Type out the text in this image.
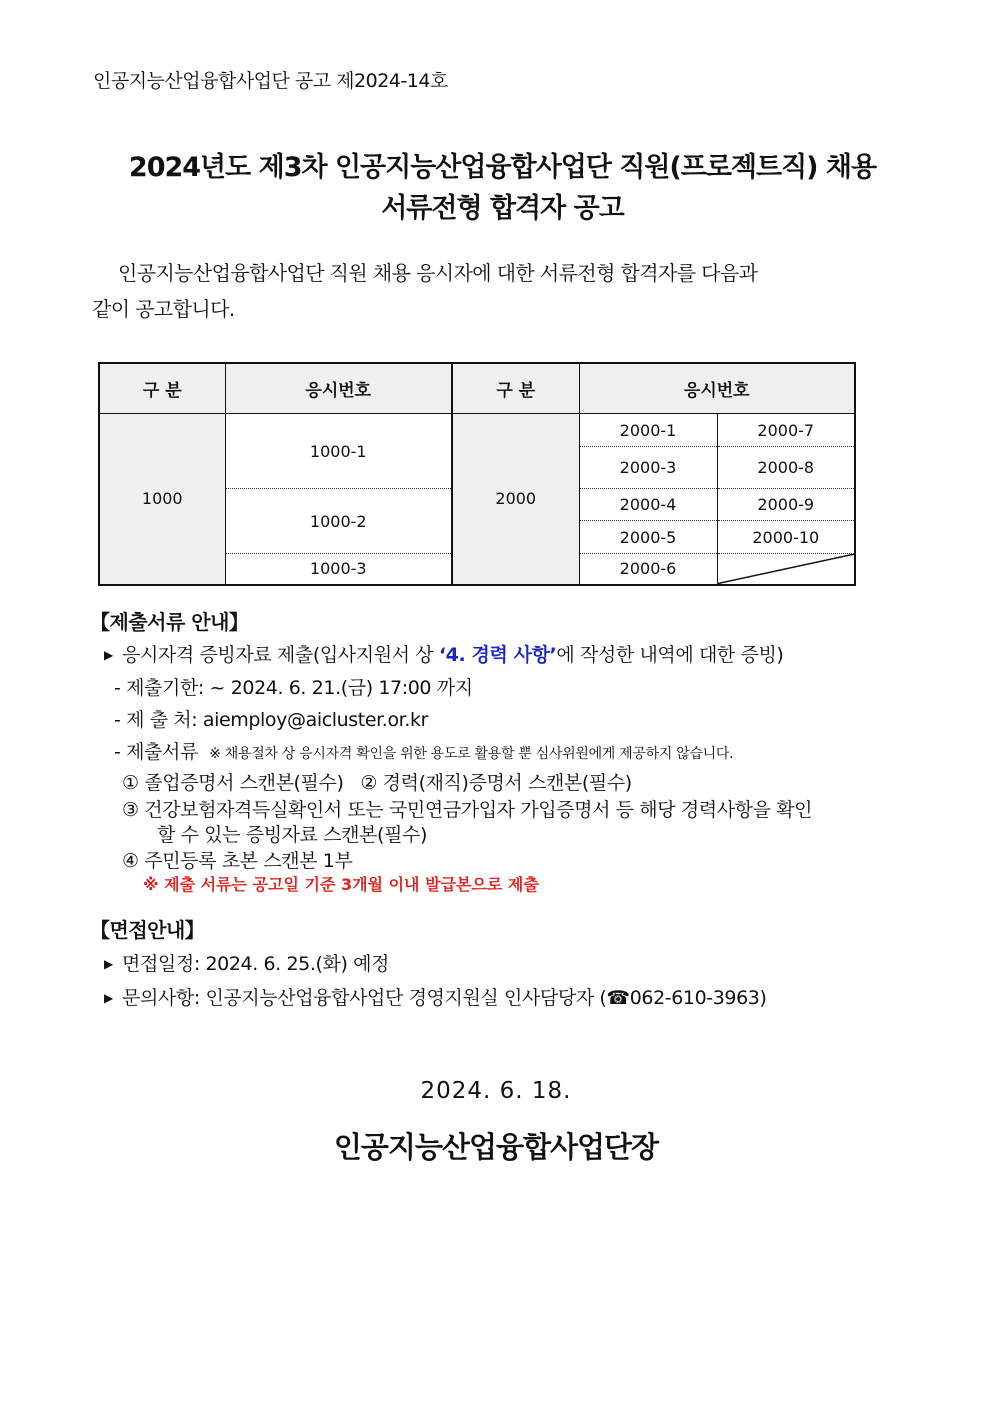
인공지능산업융합사업단 공고 제2024-14호
2024년도 제3차 인공지능산업융합사업단 직원(프로젝트직) 채용
서류전형 합격자 공고
인공지능산업융합사업단 직원 채용 응시자에 대한 서류전형 합격자를 다음과
같이 공고합니다.
구 분	응시번호	구 분	응시번호	
1000	1000-1	2000	2000-1	2000-7
			2000-3	2000-8
	1000-2		2000-4	2000-9
			2000-5	2000-10
	1000-3		2000-6	
【제출서류 안내】
▶ 응시자격 증빙자료 제출(입사지원서 상 ‘4. 경력 사항’에 작성한 내역에 대한 증빙)
- 제출기한: ~ 2024. 6. 21.(금) 17:00 까지
- 제 출 처: aiemploy@aicluster.or.kr
- 제출서류 ※ 채용절차 상 응시자격 확인을 위한 용도로 활용할 뿐 심사위원에게 제공하지 않습니다.
① 졸업증명서 스캔본(필수)   ② 경력(재직)증명서 스캔본(필수)
③ 건강보험자격득실확인서 또는 국민연금가입자 가입증명서 등 해당 경력사항을 확인
할 수 있는 증빙자료 스캔본(필수)
④ 주민등록 초본 스캔본 1부
※ 제출 서류는 공고일 기준 3개월 이내 발급본으로 제출
【면접안내】
▶ 면접일정: 2024. 6. 25.(화) 예정
▶ 문의사항: 인공지능산업융합사업단 경영지원실 인사담당자 (☎062-610-3963)
2024. 6. 18.
인공지능산업융합사업단장
